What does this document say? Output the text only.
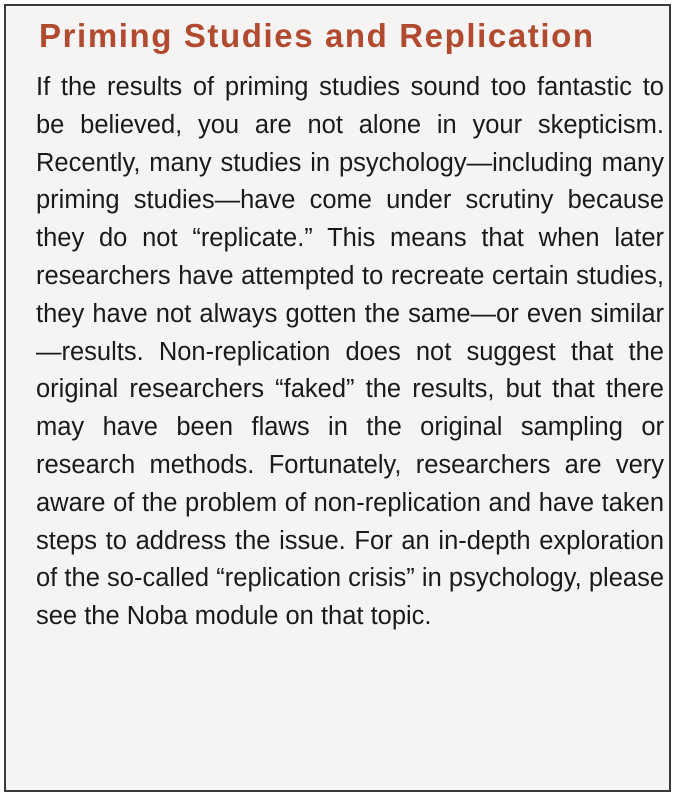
Priming Studies and Replication

If the results of priming studies sound too fantastic to be believed, you are not alone in your skepticism. Recently, many studies in psychology—including many priming studies—have come under scrutiny because they do not “replicate.” This means that when later researchers have attempted to recreate certain studies, they have not always gotten the same—or even similar—results. Non-replication does not suggest that the original researchers “faked” the results, but that there may have been flaws in the original sampling or research methods. Fortunately, researchers are very aware of the problem of non-replication and have taken steps to address the issue. For an in-depth exploration of the so-called “replication crisis” in psychology, please see the Noba module on that topic.
